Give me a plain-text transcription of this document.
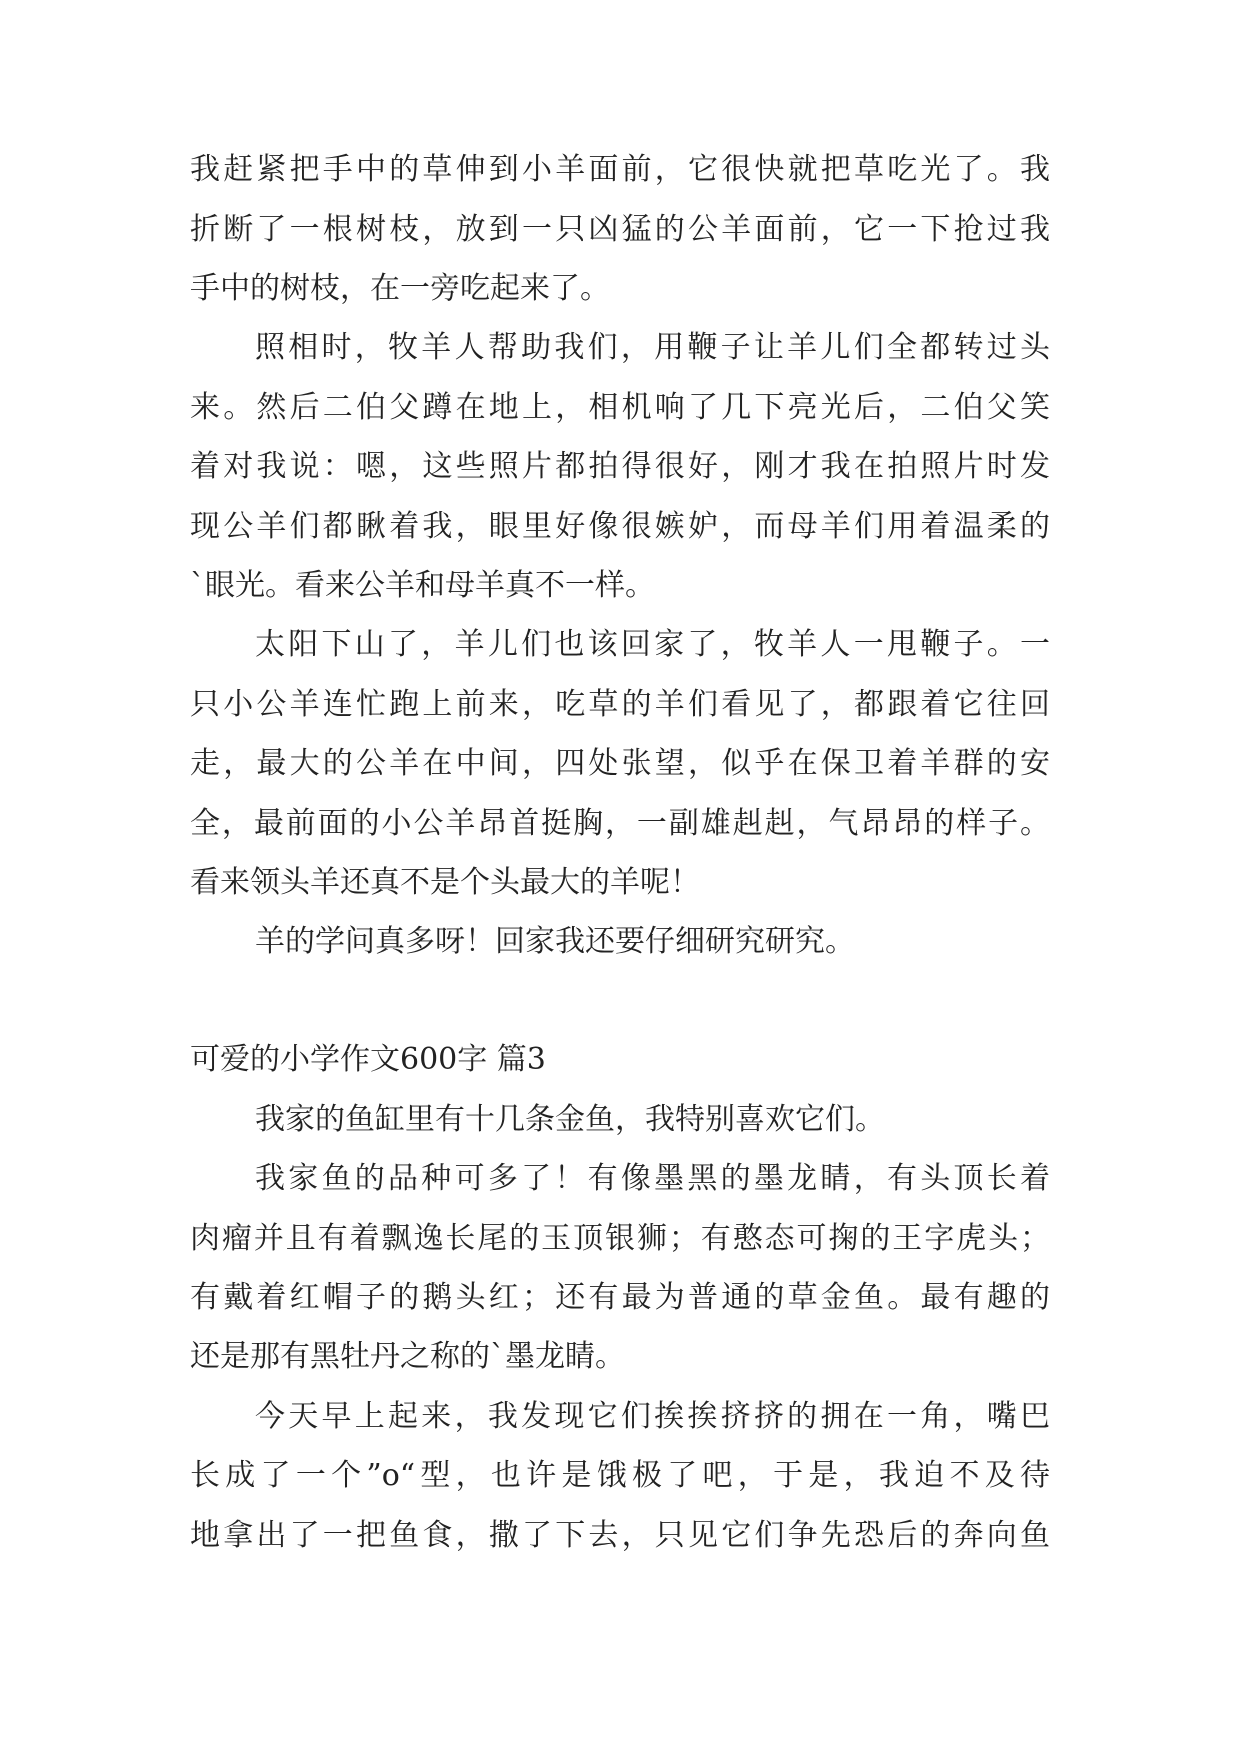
我赶紧把手中的草伸到小羊面前，它很快就把草吃光了。我
折断了一根树枝，放到一只凶猛的公羊面前，它一下抢过我
手中的树枝，在一旁吃起来了。
照相时，牧羊人帮助我们，用鞭子让羊儿们全都转过头
来。然后二伯父蹲在地上，相机响了几下亮光后，二伯父笑
着对我说：嗯，这些照片都拍得很好，刚才我在拍照片时发
现公羊们都瞅着我，眼里好像很嫉妒，而母羊们用着温柔的
`眼光。看来公羊和母羊真不一样。
太阳下山了，羊儿们也该回家了，牧羊人一甩鞭子。一
只小公羊连忙跑上前来，吃草的羊们看见了，都跟着它往回
走，最大的公羊在中间，四处张望，似乎在保卫着羊群的安
全，最前面的小公羊昂首挺胸，一副雄赳赳，气昂昂的样子。
看来领头羊还真不是个头最大的羊呢！
羊的学问真多呀！回家我还要仔细研究研究。
可爱的小学作文600字 篇3
我家的鱼缸里有十几条金鱼，我特别喜欢它们。
我家鱼的品种可多了！有像墨黑的墨龙睛，有头顶长着
肉瘤并且有着飘逸长尾的玉顶银狮；有憨态可掬的王字虎头；
有戴着红帽子的鹅头红；还有最为普通的草金鱼。最有趣的
还是那有黑牡丹之称的`墨龙睛。
今天早上起来，我发现它们挨挨挤挤的拥在一角，嘴巴
长成了一个”o“型，也许是饿极了吧，于是，我迫不及待
地拿出了一把鱼食，撒了下去，只见它们争先恐后的奔向鱼
